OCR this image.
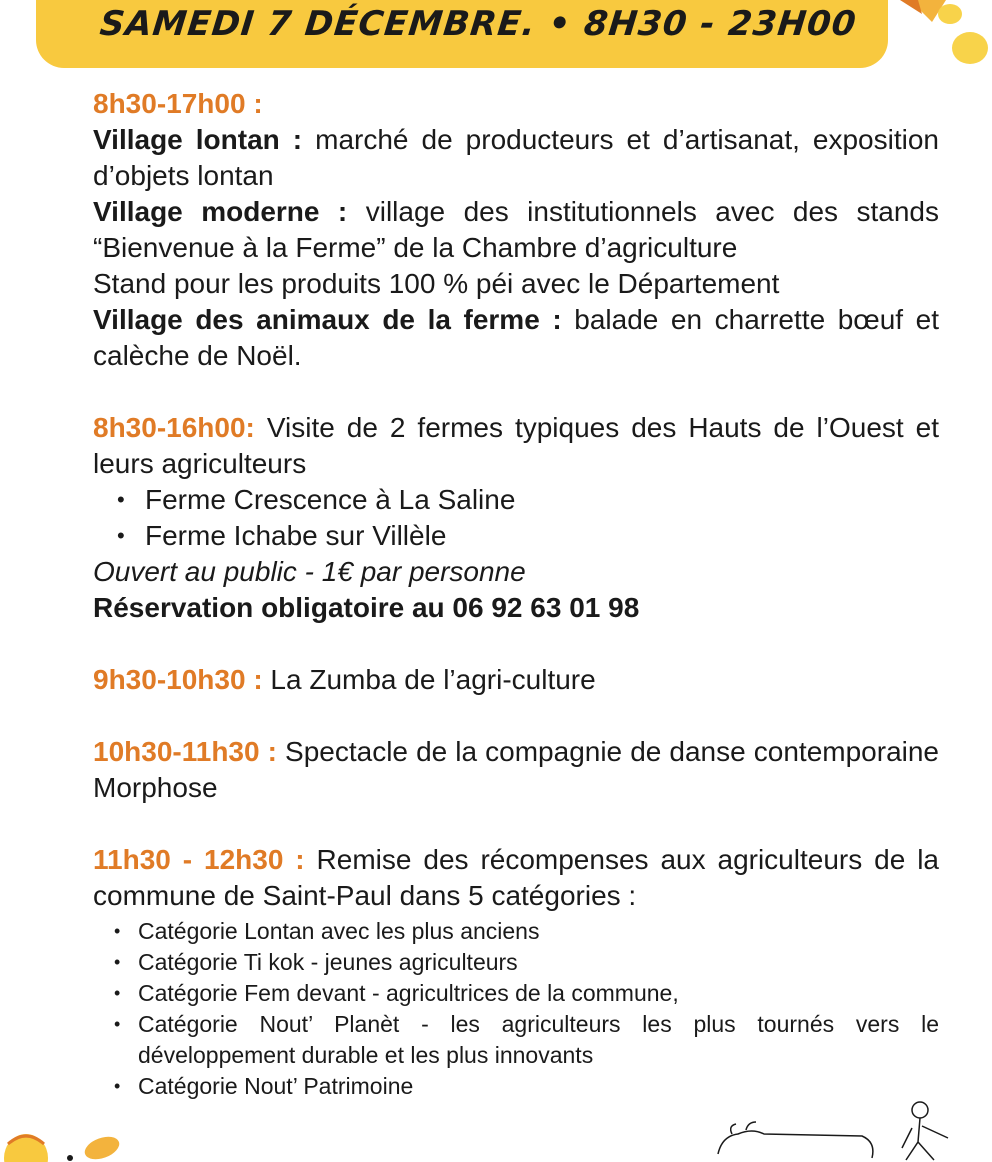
SAMEDI 7 DÉCEMBRE. • 8H30 - 23H00

8h30-17h00 :
Village lontan : marché de producteurs et d’artisanat, exposition d’objets lontan
Village moderne : village des institutionnels avec des stands “Bienvenue à la Ferme” de la Chambre d’agriculture
Stand pour les produits 100 % péi avec le Département
Village des animaux de la ferme : balade en charrette bœuf et calèche de Noël.

8h30-16h00: Visite de 2 fermes typiques des Hauts de l’Ouest et leurs agriculteurs

• Ferme Crescence à La Saline
• Ferme Ichabe sur Villèle

Ouvert au public - 1€ par personne

Réservation obligatoire au 06 92 63 01 98

9h30-10h30 : La Zumba de l’agri-culture

10h30-11h30 : Spectacle de la compagnie de danse contemporaine Morphose

11h30 - 12h30 : Remise des récompenses aux agriculteurs de la commune de Saint-Paul dans 5 catégories :

• Catégorie Lontan avec les plus anciens
• Catégorie Ti kok - jeunes agriculteurs
• Catégorie Fem devant - agricultrices de la commune,
• Catégorie Nout’ Planèt - les agriculteurs les plus tournés vers le développement durable et les plus innovants
• Catégorie Nout’ Patrimoine
